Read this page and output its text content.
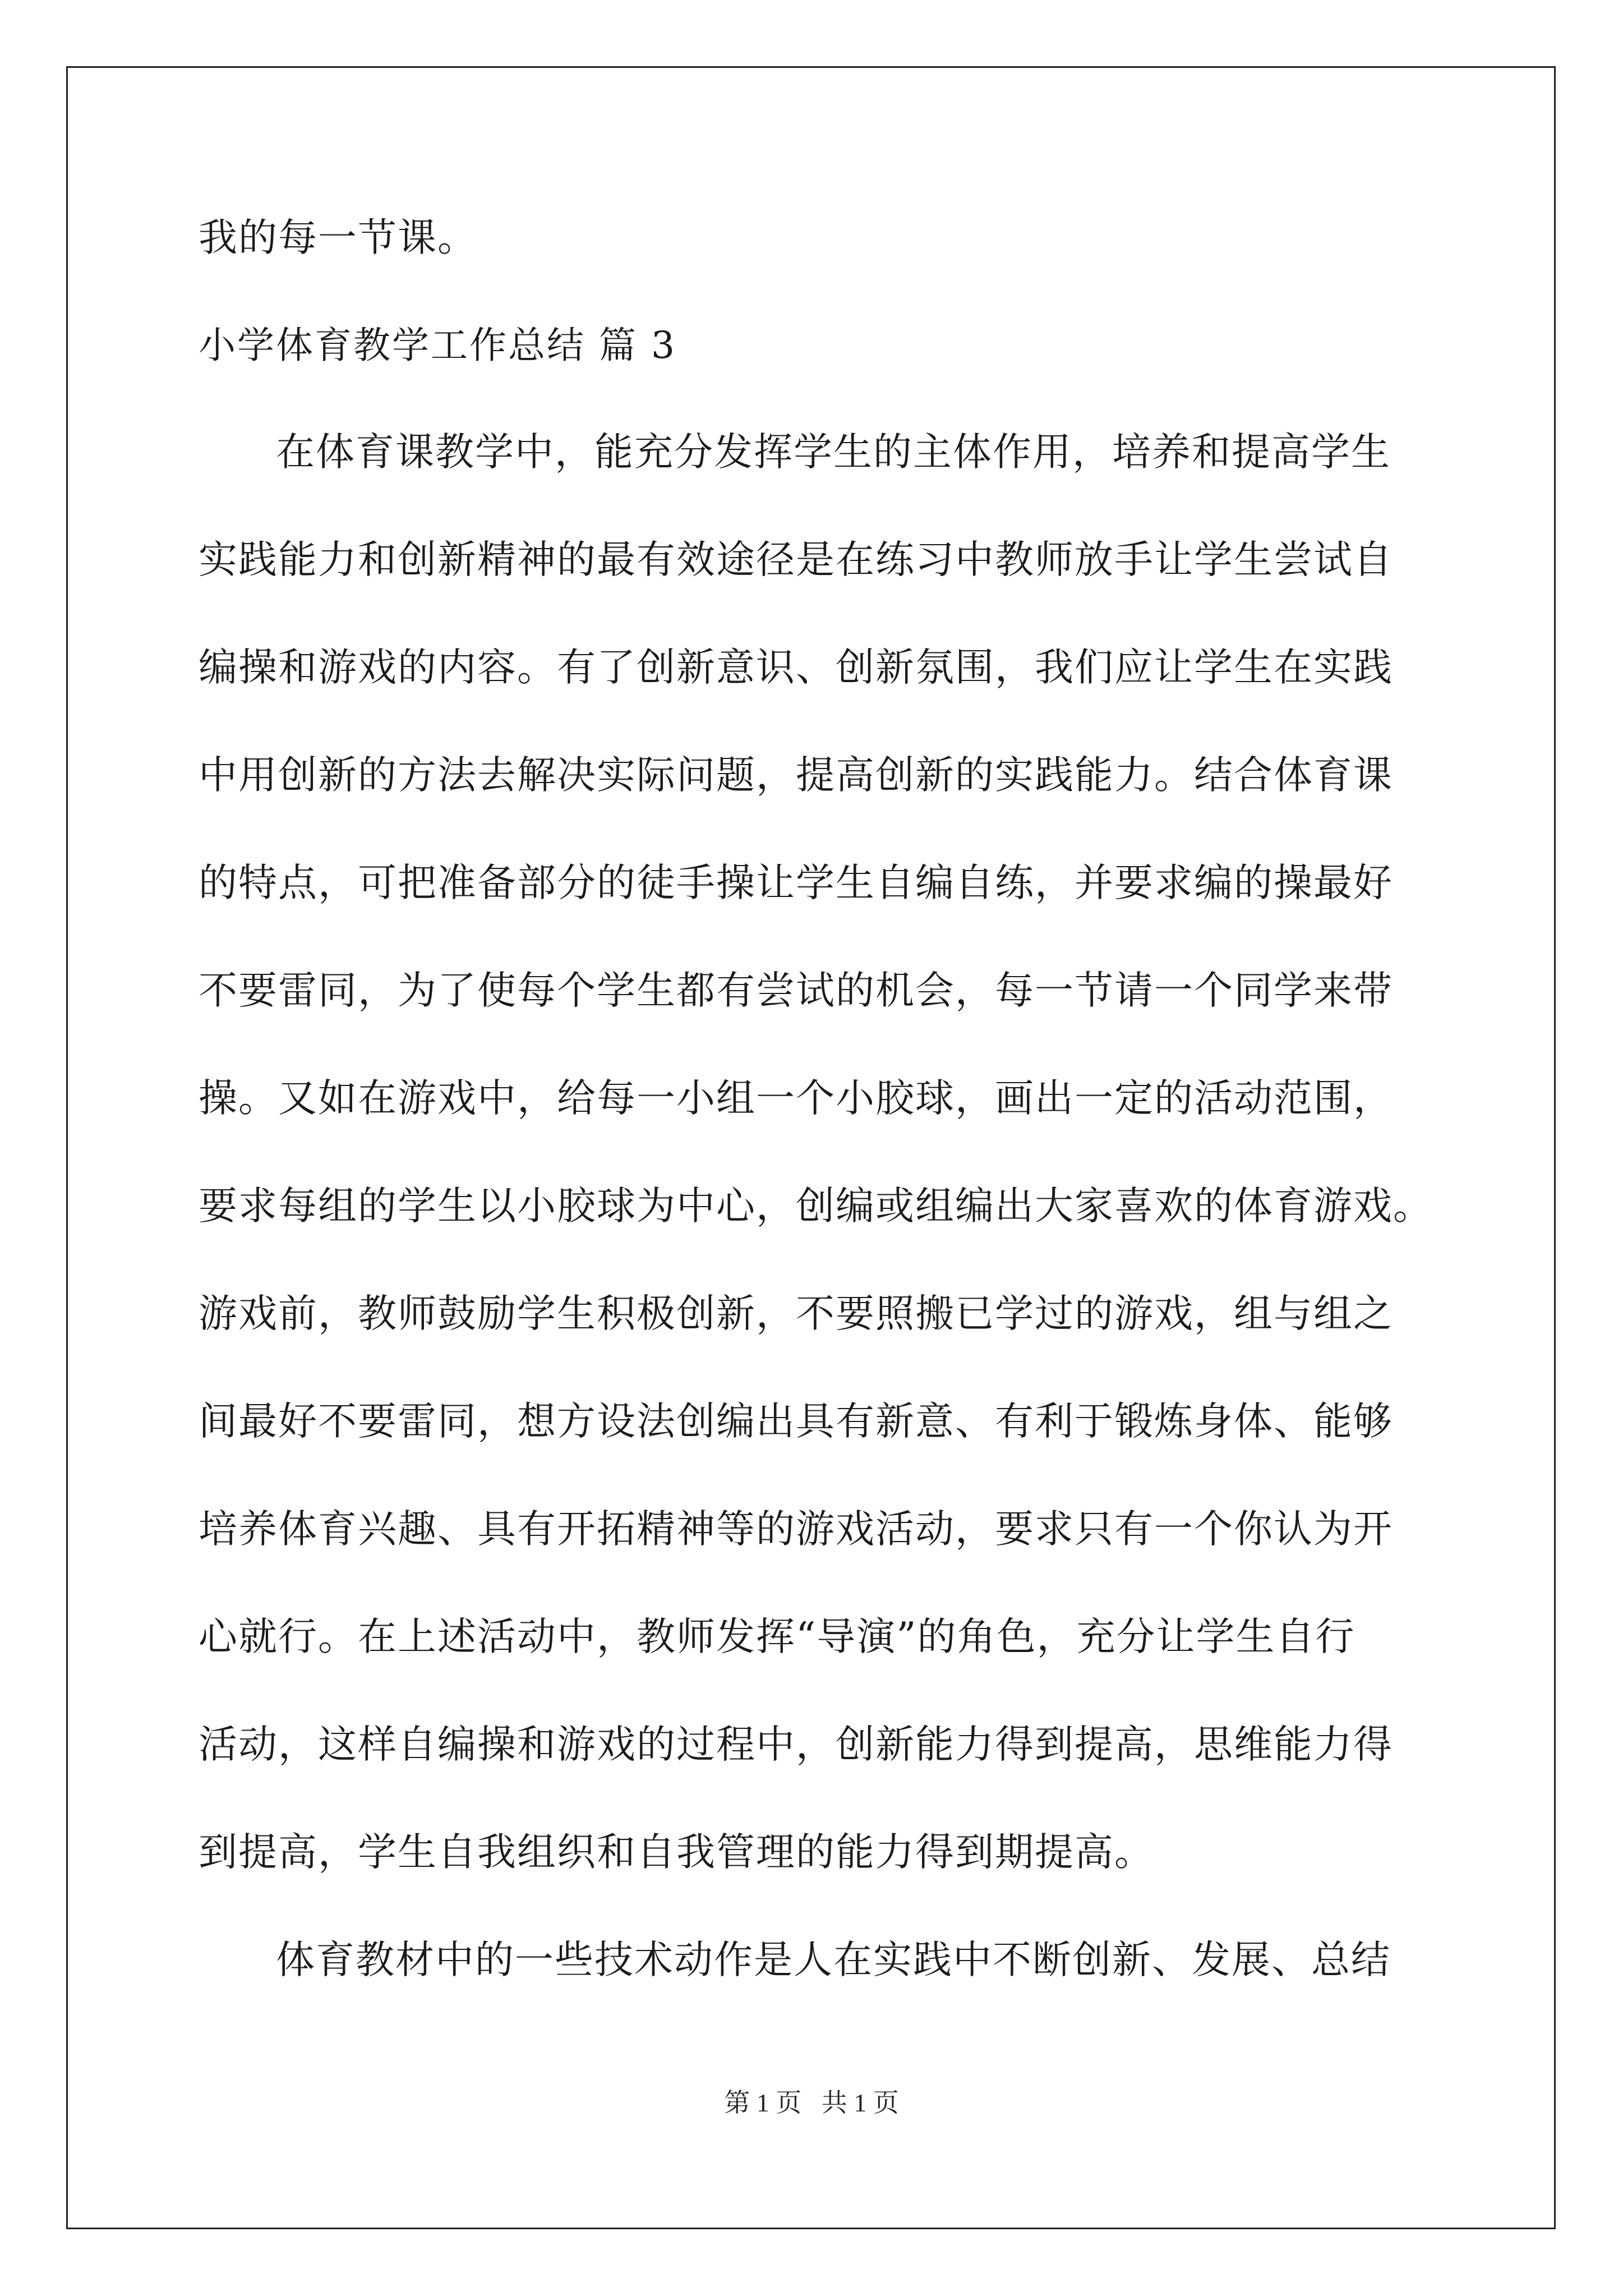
我的每一节课。

小学体育教学工作总结 篇 3

在体育课教学中，能充分发挥学生的主体作用，培养和提高学生

实践能力和创新精神的最有效途径是在练习中教师放手让学生尝试自

编操和游戏的内容。有了创新意识、创新氛围，我们应让学生在实践

中用创新的方法去解决实际问题，提高创新的实践能力。结合体育课

的特点，可把准备部分的徒手操让学生自编自练，并要求编的操最好

不要雷同，为了使每个学生都有尝试的机会，每一节请一个同学来带

操。又如在游戏中，给每一小组一个小胶球，画出一定的活动范围，

要求每组的学生以小胶球为中心，创编或组编出大家喜欢的体育游戏。

游戏前，教师鼓励学生积极创新，不要照搬已学过的游戏，组与组之

间最好不要雷同，想方设法创编出具有新意、有利于锻炼身体、能够

培养体育兴趣、具有开拓精神等的游戏活动，要求只有一个你认为开

心就行。在上述活动中，教师发挥“导演”的角色，充分让学生自行

活动，这样自编操和游戏的过程中，创新能力得到提高，思维能力得

到提高，学生自我组织和自我管理的能力得到期提高。

体育教材中的一些技术动作是人在实践中不断创新、发展、总结

第 1 页 共 1 页
